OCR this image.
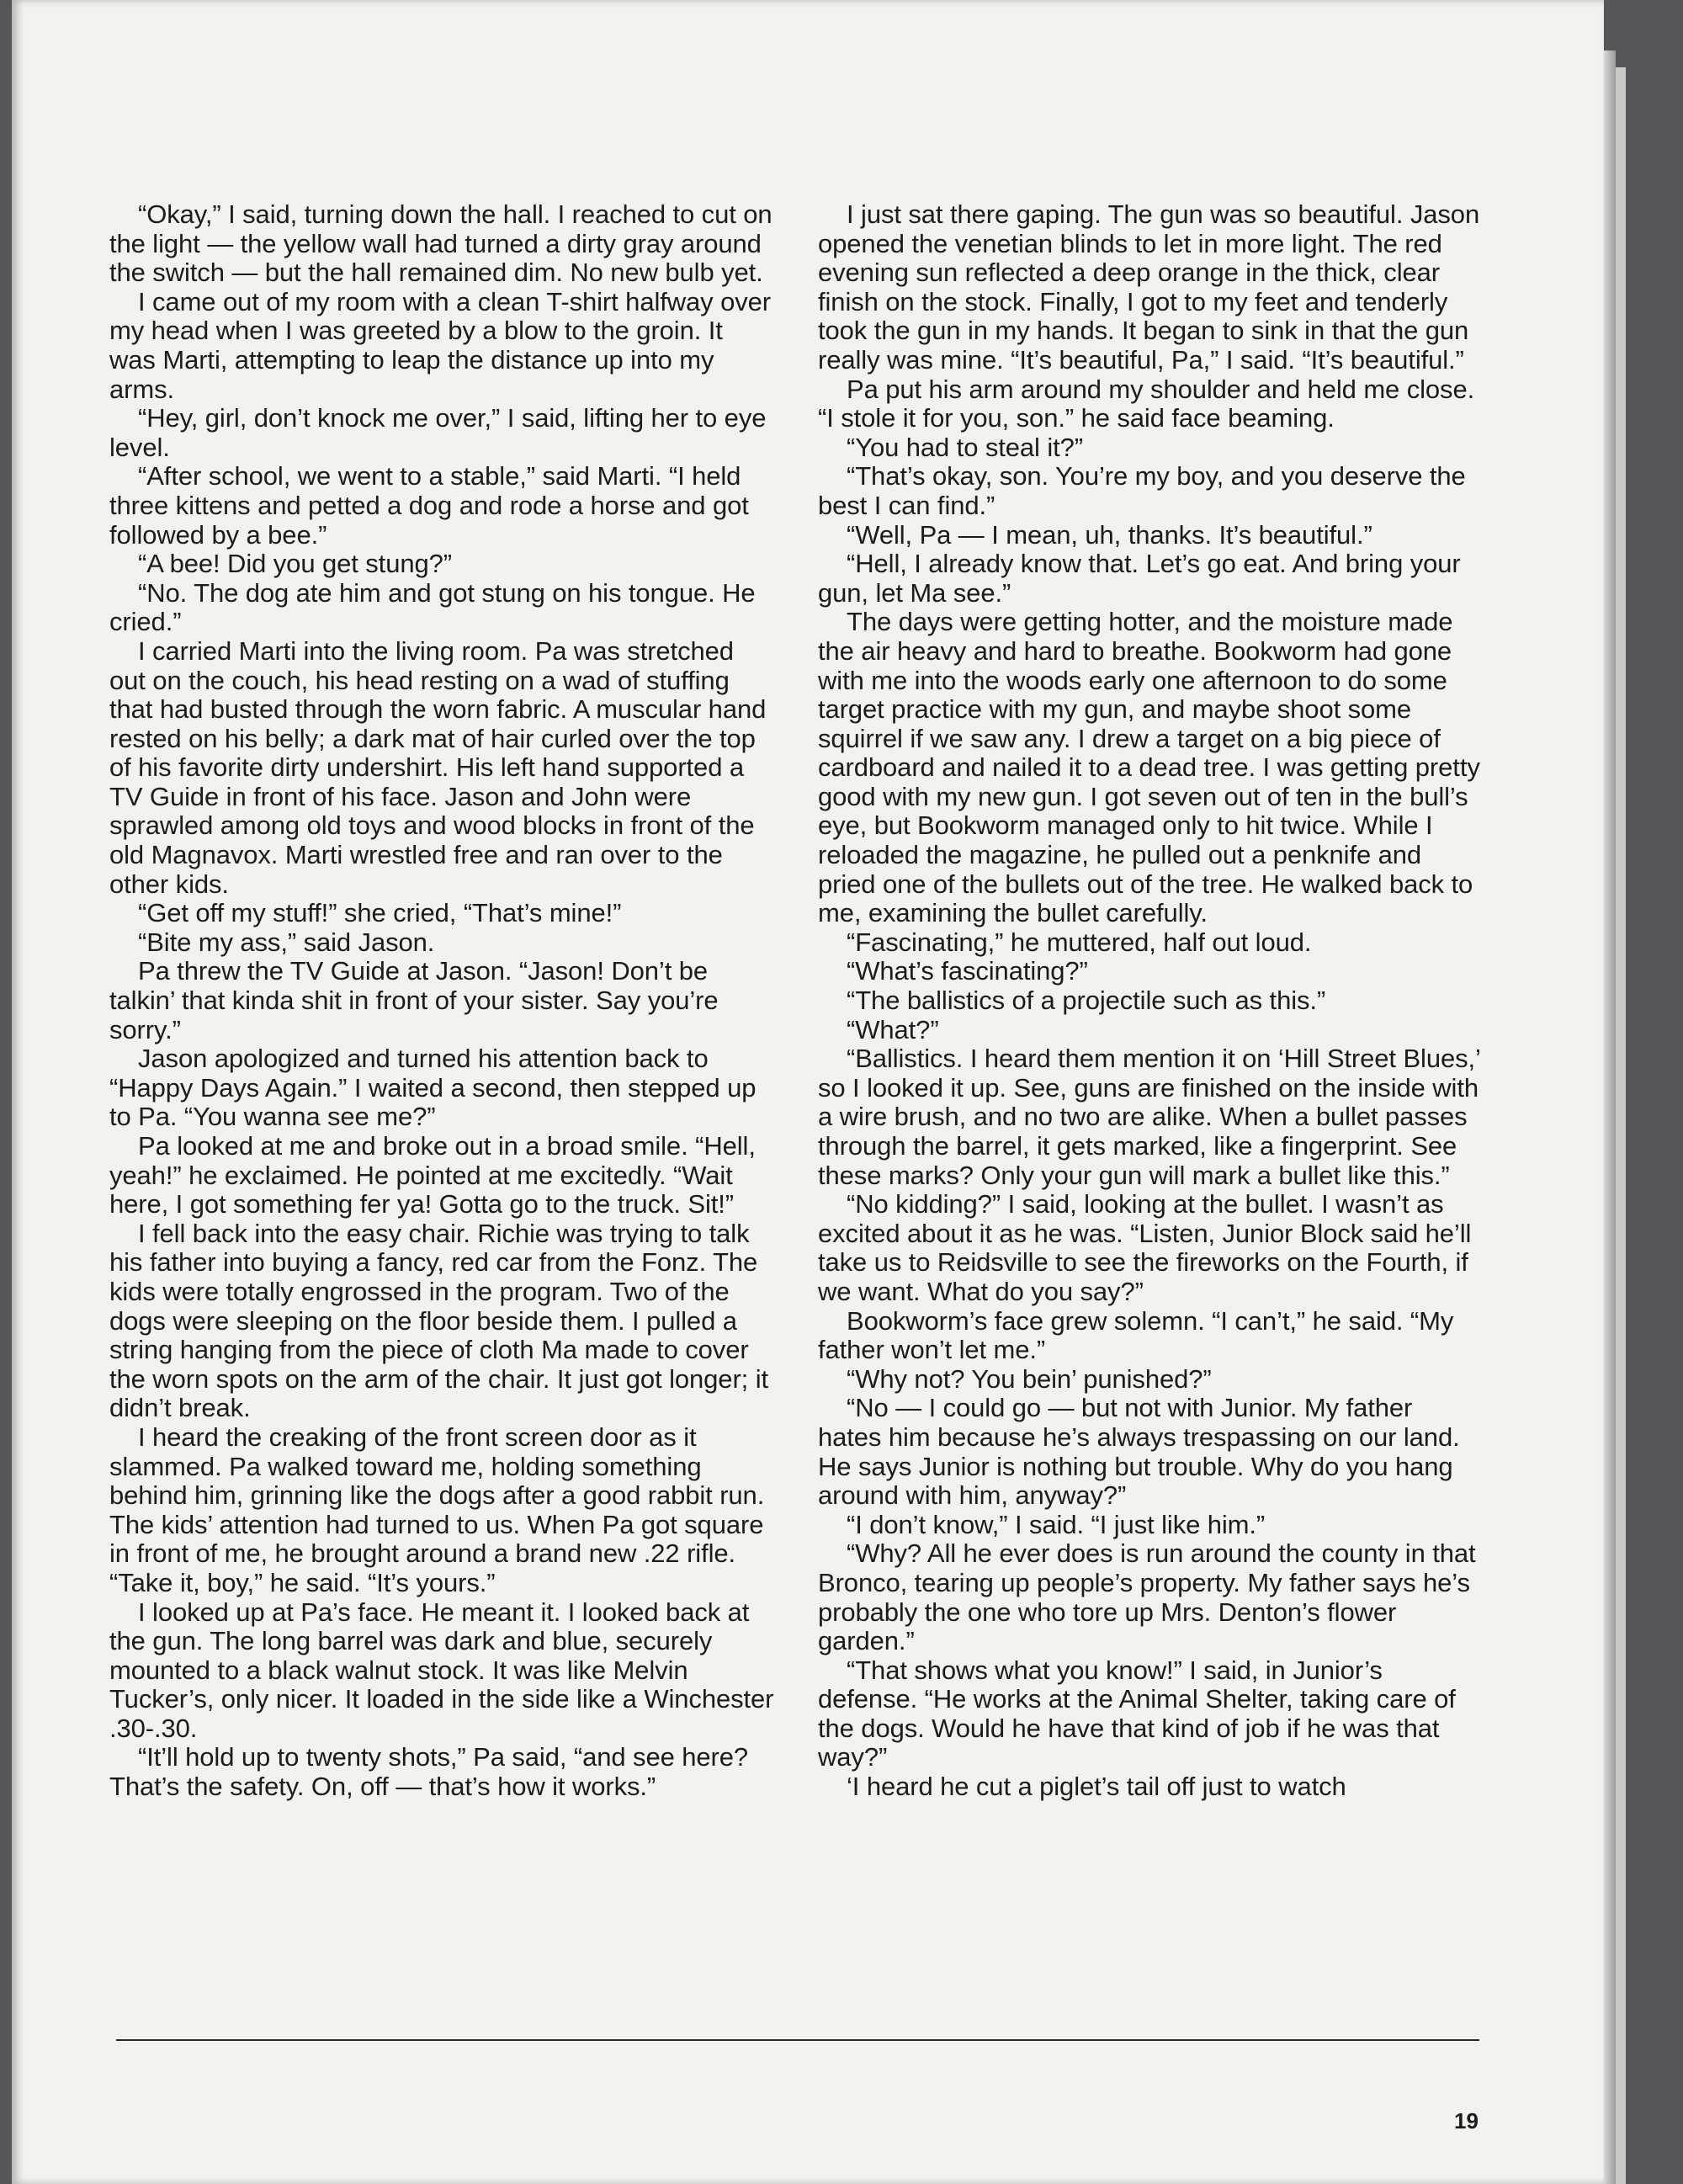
“Okay,” I said, turning down the hall. I reached to cut on the light — the yellow wall had turned a dirty gray around the switch — but the hall remained dim. No new bulb yet.

I came out of my room with a clean T-shirt halfway over my head when I was greeted by a blow to the groin. It was Marti, attempting to leap the distance up into my arms.

“Hey, girl, don’t knock me over,” I said, lifting her to eye level.

“After school, we went to a stable,” said Marti. “I held three kittens and petted a dog and rode a horse and got followed by a bee.”

“A bee! Did you get stung?”

“No. The dog ate him and got stung on his tongue. He cried.”

I carried Marti into the living room. Pa was stretched out on the couch, his head resting on a wad of stuffing that had busted through the worn fabric. A muscular hand rested on his belly; a dark mat of hair curled over the top of his favorite dirty undershirt. His left hand supported a TV Guide in front of his face. Jason and John were sprawled among old toys and wood blocks in front of the old Magnavox. Marti wrestled free and ran over to the other kids.

“Get off my stuff!” she cried, “That’s mine!”

“Bite my ass,” said Jason.

Pa threw the TV Guide at Jason. “Jason! Don’t be talkin’ that kinda shit in front of your sister. Say you’re sorry.”

Jason apologized and turned his attention back to “Happy Days Again.” I waited a second, then stepped up to Pa. “You wanna see me?”

Pa looked at me and broke out in a broad smile. “Hell, yeah!” he exclaimed. He pointed at me excitedly. “Wait here, I got something fer ya! Gotta go to the truck. Sit!”

I fell back into the easy chair. Richie was trying to talk his father into buying a fancy, red car from the Fonz. The kids were totally engrossed in the program. Two of the dogs were sleeping on the floor beside them. I pulled a string hanging from the piece of cloth Ma made to cover the worn spots on the arm of the chair. It just got longer; it didn’t break.

I heard the creaking of the front screen door as it slammed. Pa walked toward me, holding something behind him, grinning like the dogs after a good rabbit run. The kids’ attention had turned to us. When Pa got square in front of me, he brought around a brand new .22 rifle. “Take it, boy,” he said. “It’s yours.”

I looked up at Pa’s face. He meant it. I looked back at the gun. The long barrel was dark and blue, securely mounted to a black walnut stock. It was like Melvin Tucker’s, only nicer. It loaded in the side like a Winchester .30-.30.

“It’ll hold up to twenty shots,” Pa said, “and see here? That’s the safety. On, off — that’s how it works.”

I just sat there gaping. The gun was so beautiful. Jason opened the venetian blinds to let in more light. The red evening sun reflected a deep orange in the thick, clear finish on the stock. Finally, I got to my feet and tenderly took the gun in my hands. It began to sink in that the gun really was mine. “It’s beautiful, Pa,” I said. “It’s beautiful.”

Pa put his arm around my shoulder and held me close. “I stole it for you, son.” he said face beaming.

“You had to steal it?”

“That’s okay, son. You’re my boy, and you deserve the best I can find.”

“Well, Pa — I mean, uh, thanks. It’s beautiful.”

“Hell, I already know that. Let’s go eat. And bring your gun, let Ma see.”

The days were getting hotter, and the moisture made the air heavy and hard to breathe. Bookworm had gone with me into the woods early one afternoon to do some target practice with my gun, and maybe shoot some squirrel if we saw any. I drew a target on a big piece of cardboard and nailed it to a dead tree. I was getting pretty good with my new gun. I got seven out of ten in the bull’s eye, but Bookworm managed only to hit twice. While I reloaded the magazine, he pulled out a penknife and pried one of the bullets out of the tree. He walked back to me, examining the bullet carefully.

“Fascinating,” he muttered, half out loud.

“What’s fascinating?”

“The ballistics of a projectile such as this.”

“What?”

“Ballistics. I heard them mention it on ‘Hill Street Blues,’ so I looked it up. See, guns are finished on the inside with a wire brush, and no two are alike. When a bullet passes through the barrel, it gets marked, like a fingerprint. See these marks? Only your gun will mark a bullet like this.”

“No kidding?” I said, looking at the bullet. I wasn’t as excited about it as he was. “Listen, Junior Block said he’ll take us to Reidsville to see the fireworks on the Fourth, if we want. What do you say?”

Bookworm’s face grew solemn. “I can’t,” he said. “My father won’t let me.”

“Why not? You bein’ punished?”

“No — I could go — but not with Junior. My father hates him because he’s always trespassing on our land. He says Junior is nothing but trouble. Why do you hang around with him, anyway?”

“I don’t know,” I said. “I just like him.”

“Why? All he ever does is run around the county in that Bronco, tearing up people’s property. My father says he’s probably the one who tore up Mrs. Denton’s flower garden.”

“That shows what you know!” I said, in Junior’s defense. “He works at the Animal Shelter, taking care of the dogs. Would he have that kind of job if he was that way?”

‘I heard he cut a piglet’s tail off just to watch

19
